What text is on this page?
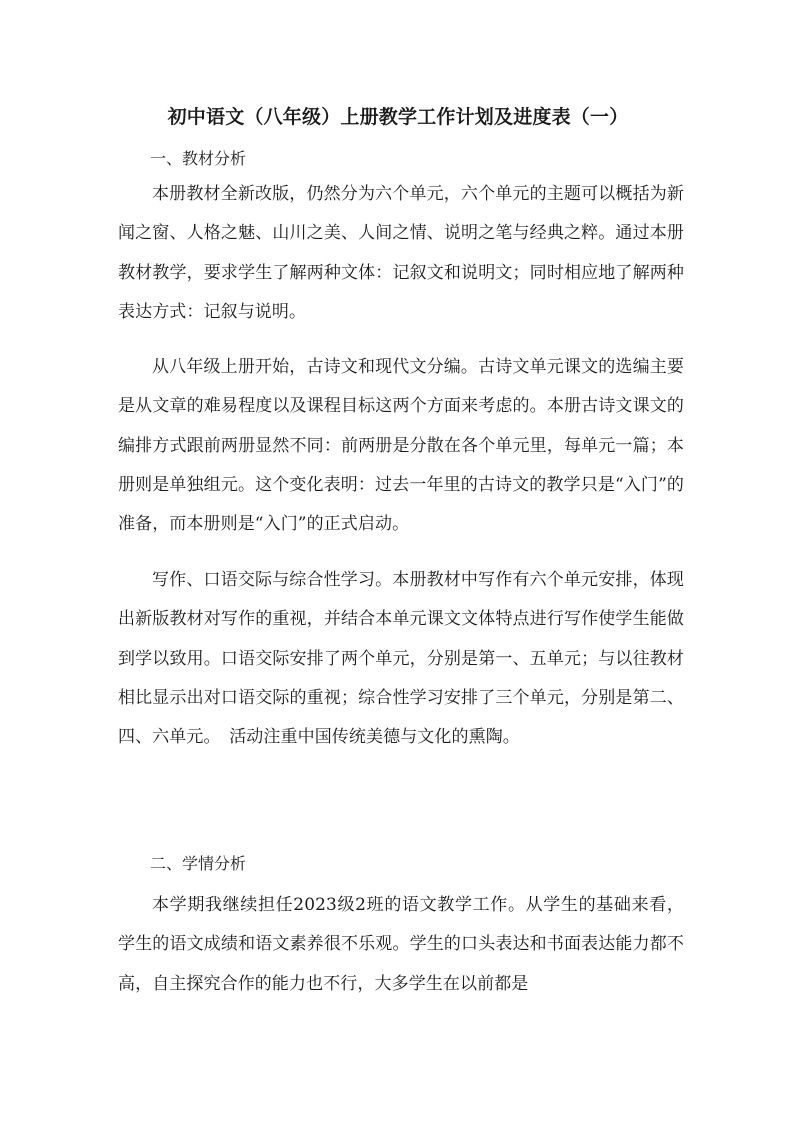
初中语文（八年级）上册教学工作计划及进度表（一）
一、教材分析
本册教材全新改版，仍然分为六个单元，六个单元的主题可以概括为新闻之窗、人格之魅、山川之美、人间之情、说明之笔与经典之粹。通过本册教材教学，要求学生了解两种文体：记叙文和说明文；同时相应地了解两种表达方式：记叙与说明。
从八年级上册开始，古诗文和现代文分编。古诗文单元课文的选编主要是从文章的难易程度以及课程目标这两个方面来考虑的。本册古诗文课文的编排方式跟前两册显然不同：前两册是分散在各个单元里，每单元一篇；本册则是单独组元。这个变化表明：过去一年里的古诗文的教学只是“入门”的准备，而本册则是“入门”的正式启动。
写作、口语交际与综合性学习。本册教材中写作有六个单元安排，体现出新版教材对写作的重视，并结合本单元课文文体特点进行写作使学生能做到学以致用。口语交际安排了两个单元，分别是第一、五单元；与以往教材相比显示出对口语交际的重视；综合性学习安排了三个单元，分别是第二、四、六单元。　活动注重中国传统美德与文化的熏陶。
二、学情分析
本学期我继续担任2023级2班的语文教学工作。从学生的基础来看，学生的语文成绩和语文素养很不乐观。学生的口头表达和书面表达能力都不高，自主探究合作的能力也不行，大多学生在以前都是
